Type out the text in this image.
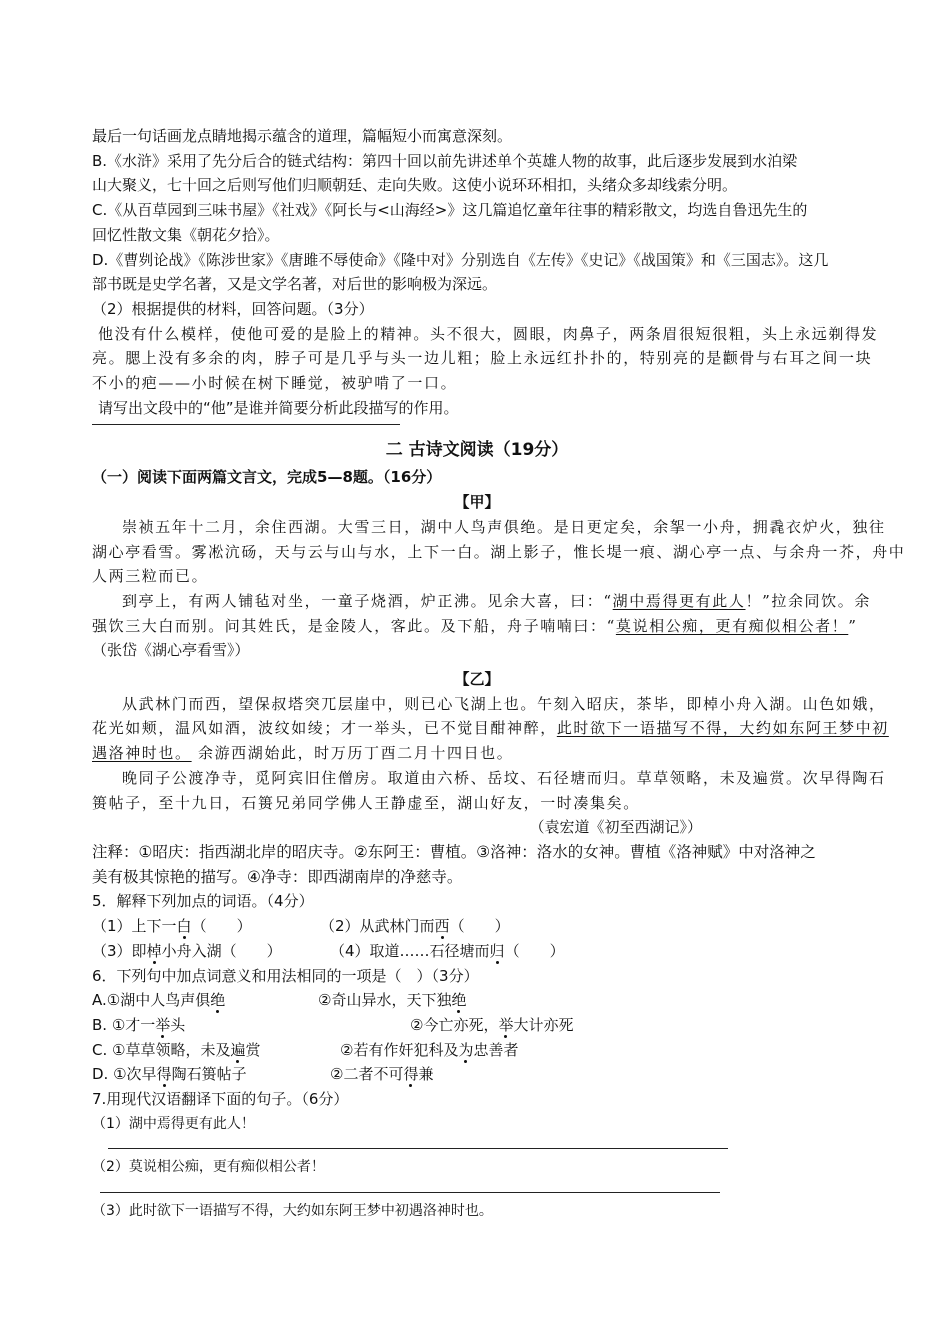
最后一句话画龙点睛地揭示蕴含的道理，篇幅短小而寓意深刻。
B.《水浒》采用了先分后合的链式结构：第四十回以前先讲述单个英雄人物的故事，此后逐步发展到水泊梁
山大聚义，七十回之后则写他们归顺朝廷、走向失败。这使小说环环相扣，头绪众多却线索分明。
C.《从百草园到三味书屋》《社戏》《阿长与<山海经>》这几篇追忆童年往事的精彩散文，均选自鲁迅先生的
回忆性散文集《朝花夕拾》。
D.《曹刿论战》《陈涉世家》《唐雎不辱使命》《隆中对》分别选自《左传》《史记》《战国策》和《三国志》。这几
部书既是史学名著，又是文学名著，对后世的影响极为深远。
（2）根据提供的材料，回答问题。（3分）
他没有什么模样，使他可爱的是脸上的精神。头不很大，圆眼，肉鼻子，两条眉很短很粗，头上永远剃得发
亮。腮上没有多余的肉，脖子可是几乎与头一边儿粗；脸上永远红扑扑的，特别亮的是颧骨与右耳之间一块
不小的疤——小时候在树下睡觉，被驴啃了一口。
请写出文段中的“他”是谁并简要分析此段描写的作用。
二 古诗文阅读（19分）
（一）阅读下面两篇文言文，完成5—8题。（16分）
【甲】
崇祯五年十二月，余住西湖。大雪三日，湖中人鸟声俱绝。是日更定矣，余挐一小舟，拥毳衣炉火，独往
湖心亭看雪。雾凇沆砀，天与云与山与水，上下一白。湖上影子，惟长堤一痕、湖心亭一点、与余舟一芥，舟中
人两三粒而已。
到亭上，有两人铺毡对坐，一童子烧酒，炉正沸。见余大喜，曰：“湖中焉得更有此人！”拉余同饮。余
强饮三大白而别。问其姓氏，是金陵人，客此。及下船，舟子喃喃曰：“莫说相公痴，更有痴似相公者！”
（张岱《湖心亭看雪》）
【乙】
从武林门而西，望保叔塔突兀层崖中，则已心飞湖上也。午刻入昭庆，茶毕，即棹小舟入湖。山色如娥，
花光如颊，温风如酒，波纹如绫；才一举头，已不觉目酣神醉，此时欲下一语描写不得，大约如东阿王梦中初
遇洛神时也。 余游西湖始此，时万历丁酉二月十四日也。
晚同子公渡净寺，觅阿宾旧住僧房。取道由六桥、岳坟、石径塘而归。草草领略，未及遍赏。次早得陶石
篑帖子，至十九日，石篑兄弟同学佛人王静虚至，湖山好友，一时凑集矣。
（袁宏道《初至西湖记》）
注释：①昭庆：指西湖北岸的昭庆寺。②东阿王：曹植。③洛神：洛水的女神。曹植《洛神赋》中对洛神之
美有极其惊艳的描写。④净寺：即西湖南岸的净慈寺。
5．解释下列加点的词语。（4分）
（1）上下一白（　　）	（2）从武林门而西（　　）
（3）即棹小舟入湖（　　）	（4）取道……石径塘而归（　　）
6．下列句中加点词意义和用法相同的一项是（　）（3分）
A.①湖中人鸟声俱绝	②奇山异水，天下独绝
B. ①才一举头	②今亡亦死，举大计亦死
C. ①草草领略，未及遍赏	②若有作奸犯科及为忠善者
D. ①次早得陶石篑帖子	②二者不可得兼
7.用现代汉语翻译下面的句子。（6分）
（1）湖中焉得更有此人！
（2）莫说相公痴，更有痴似相公者！
（3）此时欲下一语描写不得，大约如东阿王梦中初遇洛神时也。
